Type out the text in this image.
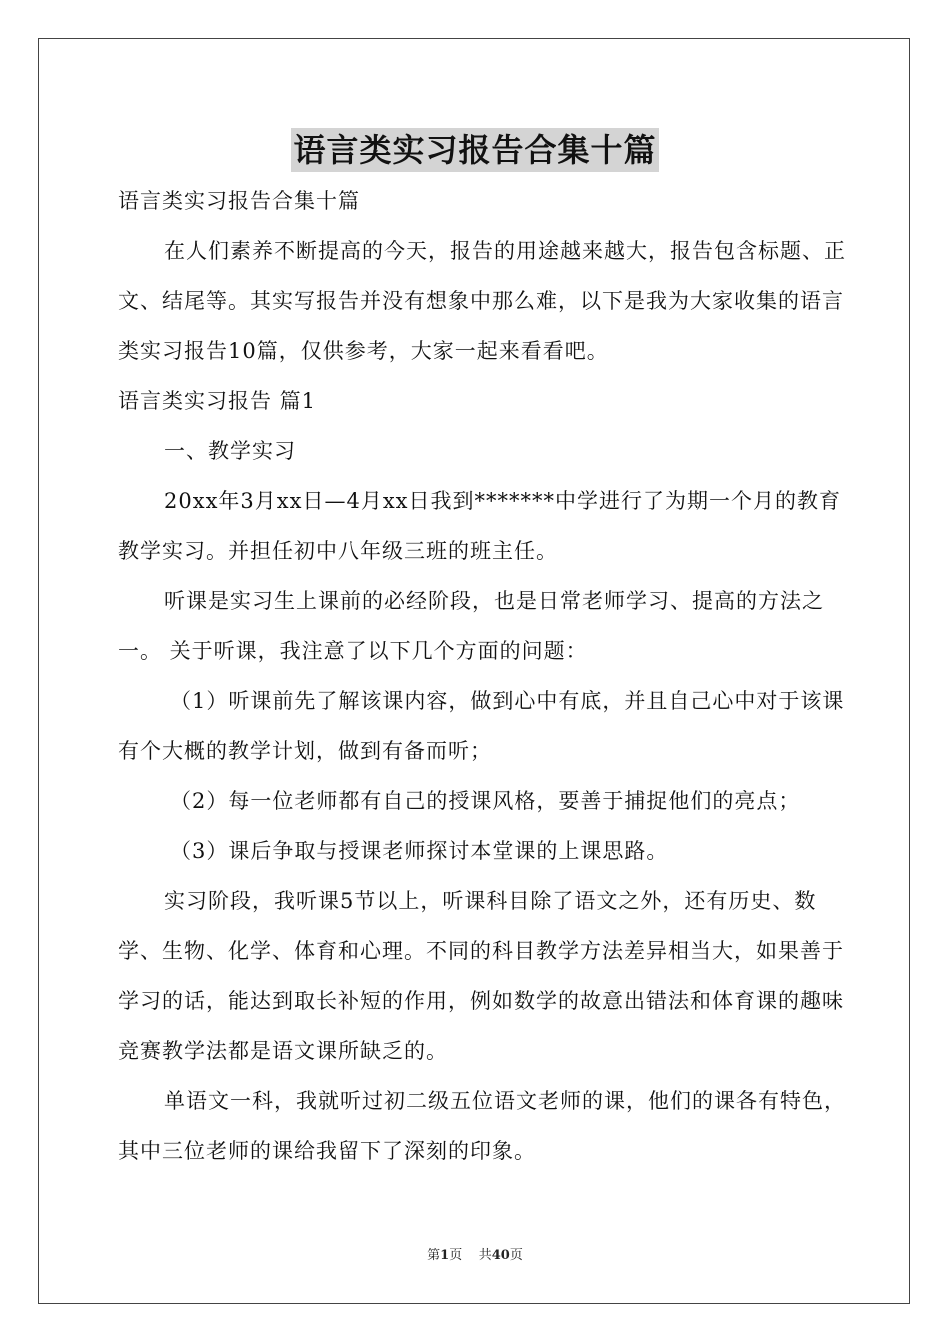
语言类实习报告合集十篇

语言类实习报告合集十篇

在人们素养不断提高的今天，报告的用途越来越大，报告包含标题、正文、结尾等。其实写报告并没有想象中那么难，以下是我为大家收集的语言类实习报告10篇，仅供参考，大家一起来看看吧。

语言类实习报告 篇1

一、教学实习

20xx年3月xx日—4月xx日我到*******中学进行了为期一个月的教育教学实习。并担任初中八年级三班的班主任。

听课是实习生上课前的必经阶段，也是日常老师学习、提高的方法之一。 关于听课，我注意了以下几个方面的问题：

（1）听课前先了解该课内容，做到心中有底，并且自己心中对于该课有个大概的教学计划，做到有备而听；

（2）每一位老师都有自己的授课风格，要善于捕捉他们的亮点；

（3）课后争取与授课老师探讨本堂课的上课思路。

实习阶段，我听课5节以上，听课科目除了语文之外，还有历史、数学、生物、化学、体育和心理。不同的科目教学方法差异相当大，如果善于学习的话，能达到取长补短的作用，例如数学的故意出错法和体育课的趣味竞赛教学法都是语文课所缺乏的。

单语文一科，我就听过初二级五位语文老师的课，他们的课各有特色，其中三位老师的课给我留下了深刻的印象。

第1页 共40页
